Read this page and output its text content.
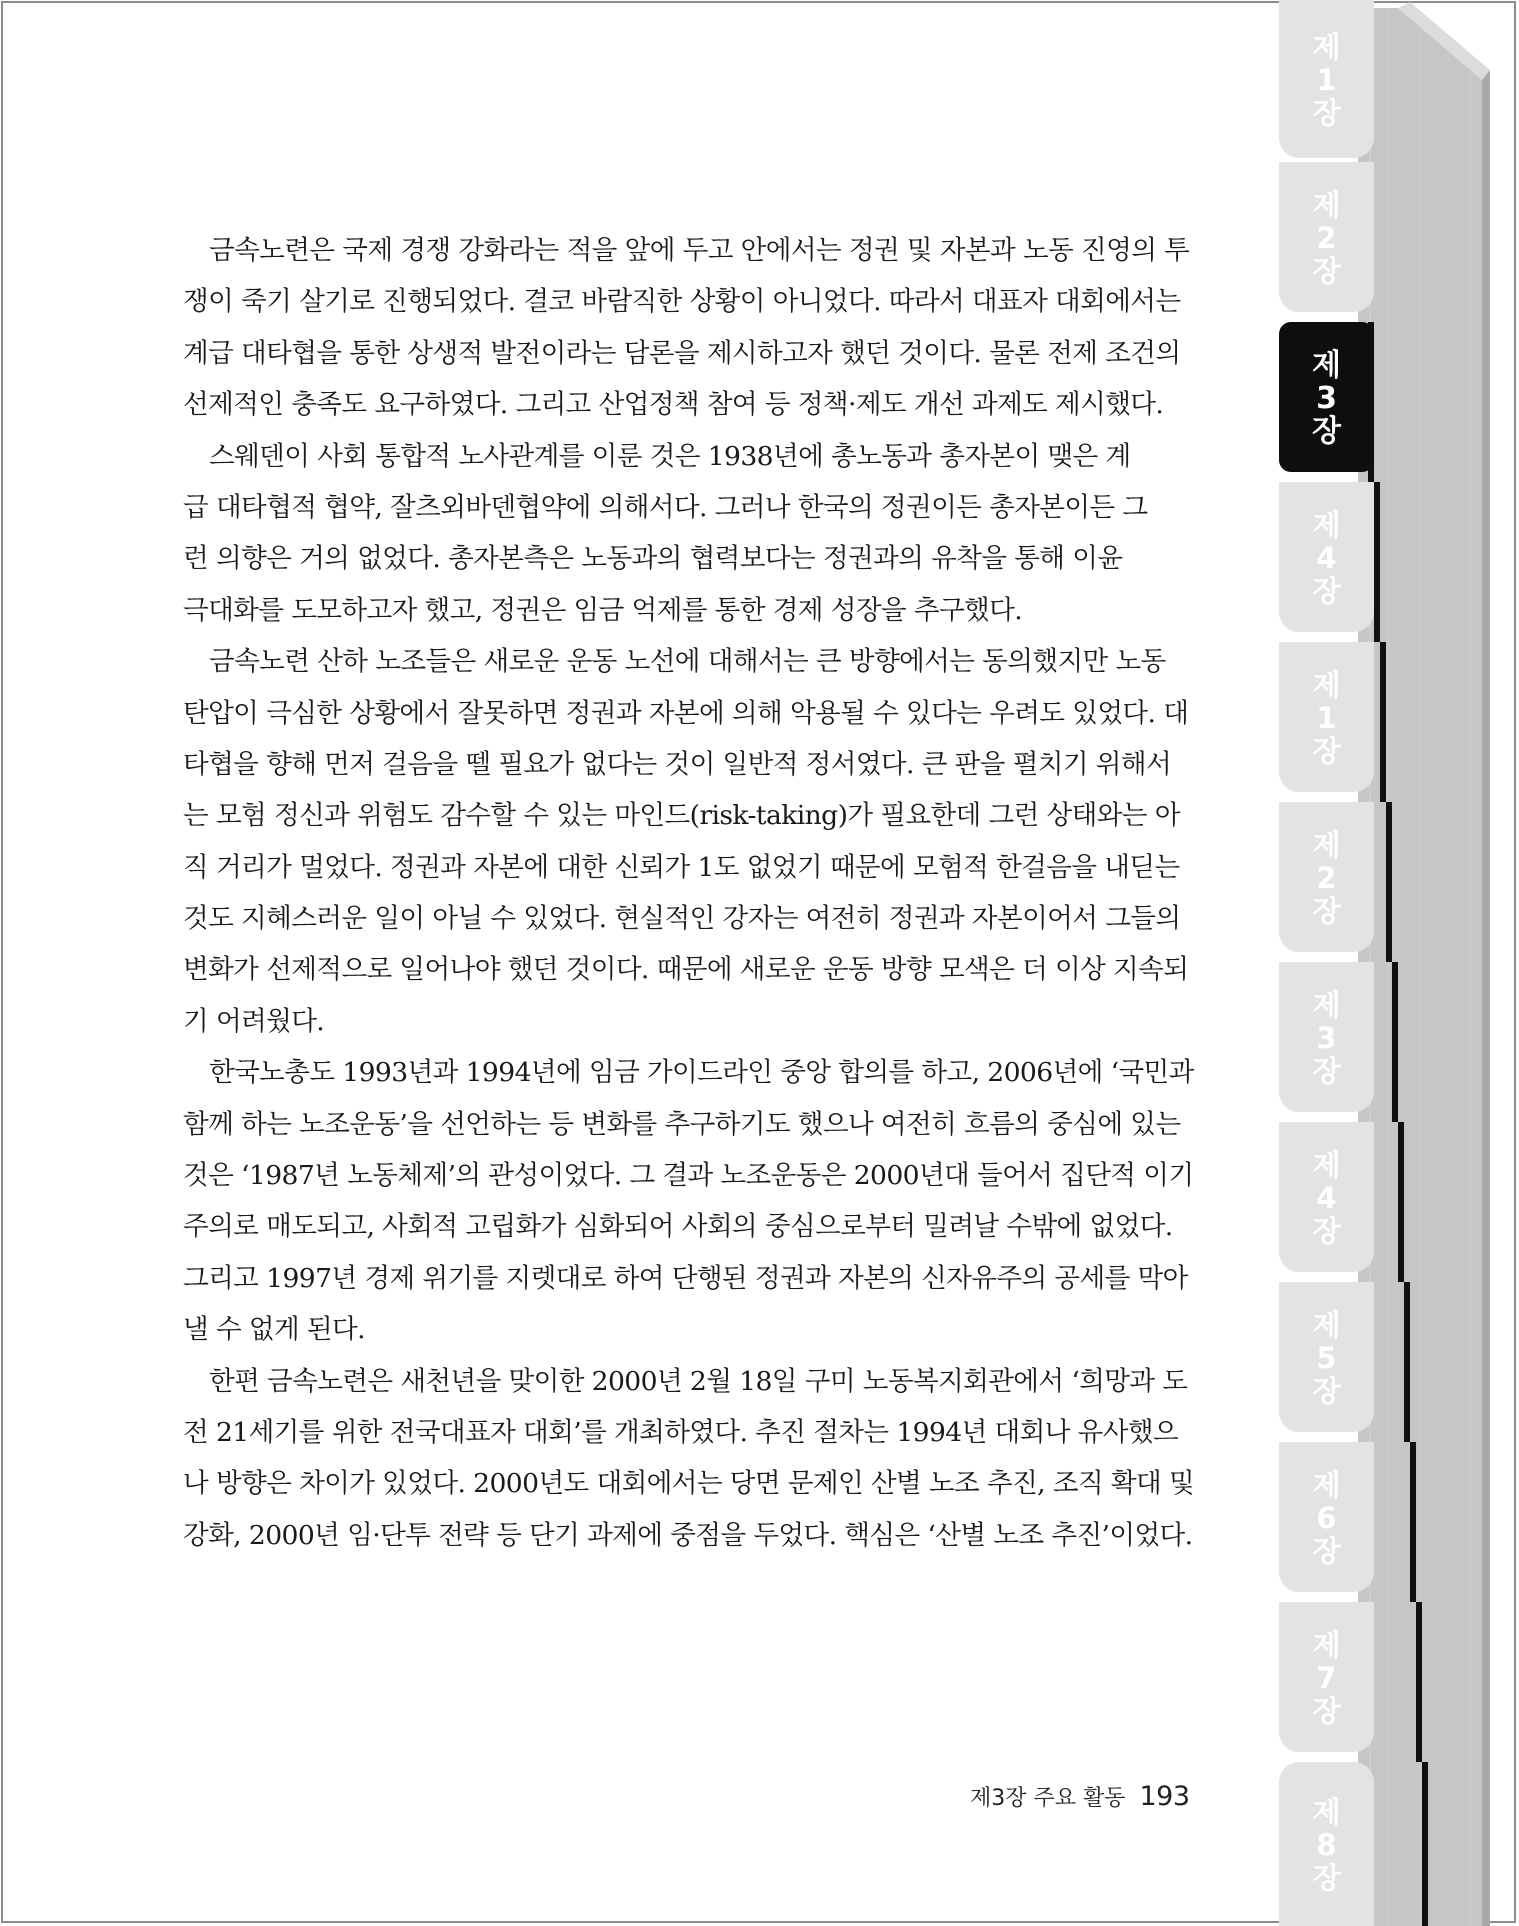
제
1
장
제
2
장
제
3
장
제
4
장
제
1
장
제
2
장
제
3
장
제
4
장
제
5
장
제
6
장
제
7
장
제
8
장
　금속노련은 국제 경쟁 강화라는 적을 앞에 두고 안에서는 정권 및 자본과 노동 진영의 투
쟁이 죽기 살기로 진행되었다. 결코 바람직한 상황이 아니었다. 따라서 대표자 대회에서는
계급 대타협을 통한 상생적 발전이라는 담론을 제시하고자 했던 것이다. 물론 전제 조건의
선제적인 충족도 요구하였다. 그리고 산업정책 참여 등 정책·제도 개선 과제도 제시했다.
　스웨덴이 사회 통합적 노사관계를 이룬 것은 1938년에 총노동과 총자본이 맺은 계
급 대타협적 협약, 잘츠외바덴협약에 의해서다. 그러나 한국의 정권이든 총자본이든 그
런 의향은 거의 없었다. 총자본측은 노동과의 협력보다는 정권과의 유착을 통해 이윤
극대화를 도모하고자 했고, 정권은 임금 억제를 통한 경제 성장을 추구했다.
　금속노련 산하 노조들은 새로운 운동 노선에 대해서는 큰 방향에서는 동의했지만 노동
탄압이 극심한 상황에서 잘못하면 정권과 자본에 의해 악용될 수 있다는 우려도 있었다. 대
타협을 향해 먼저 걸음을 뗄 필요가 없다는 것이 일반적 정서였다. 큰 판을 펼치기 위해서
는 모험 정신과 위험도 감수할 수 있는 마인드(risk-taking)가 필요한데 그런 상태와는 아
직 거리가 멀었다. 정권과 자본에 대한 신뢰가 1도 없었기 때문에 모험적 한걸음을 내딛는
것도 지혜스러운 일이 아닐 수 있었다. 현실적인 강자는 여전히 정권과 자본이어서 그들의
변화가 선제적으로 일어나야 했던 것이다. 때문에 새로운 운동 방향 모색은 더 이상 지속되
기 어려웠다.
　한국노총도 1993년과 1994년에 임금 가이드라인 중앙 합의를 하고, 2006년에 ‘국민과
함께 하는 노조운동’을 선언하는 등 변화를 추구하기도 했으나 여전히 흐름의 중심에 있는
것은 ‘1987년 노동체제’의 관성이었다. 그 결과 노조운동은 2000년대 들어서 집단적 이기
주의로 매도되고, 사회적 고립화가 심화되어 사회의 중심으로부터 밀려날 수밖에 없었다.
그리고 1997년 경제 위기를 지렛대로 하여 단행된 정권과 자본의 신자유주의 공세를 막아
낼 수 없게 된다.
　한편 금속노련은 새천년을 맞이한 2000년 2월 18일 구미 노동복지회관에서 ‘희망과 도
전 21세기를 위한 전국대표자 대회’를 개최하였다. 추진 절차는 1994년 대회나 유사했으
나 방향은 차이가 있었다. 2000년도 대회에서는 당면 문제인 산별 노조 추진, 조직 확대 및
강화, 2000년 임·단투 전략 등 단기 과제에 중점을 두었다. 핵심은 ‘산별 노조 추진’이었다.
제3장 주요 활동 193
